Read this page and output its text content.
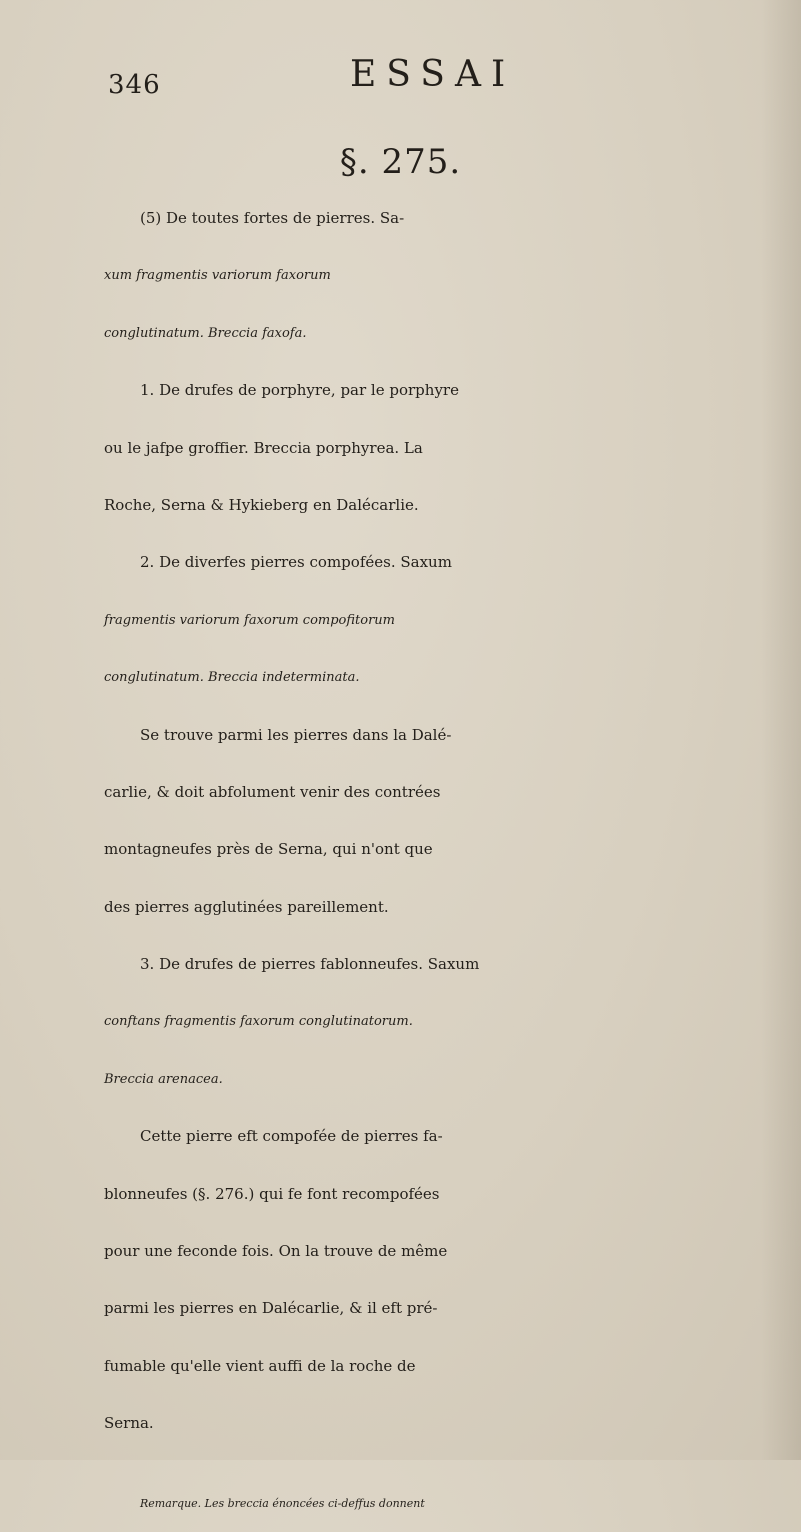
346	ESSAI
§. 275.
(5) De toutes fortes de pierres. Sa-
xum fragmentis variorum faxorum
conglutinatum. Breccia faxofa.
1. De drufes de porphyre, par le porphyre
ou le jafpe groffier. Breccia porphyrea. La
Roche, Serna & Hykieberg en Dalécarlie.
2. De diverfes pierres compofées. Saxum
fragmentis variorum faxorum compofitorum
conglutinatum. Breccia indeterminata.
Se trouve parmi les pierres dans la Dalé-
carlie, & doit abfolument venir des contrées
montagneufes près de Serna, qui n'ont que
des pierres agglutinées pareillement.
3. De drufes de pierres fablonneufes. Saxum
conftans fragmentis faxorum conglutinatorum.
Breccia arenacea.
Cette pierre eft compofée de pierres fa-
blonneufes (§. 276.) qui fe font recompofées
pour une feconde fois. On la trouve de même
parmi les pierres en Dalécarlie, & il eft pré-
fumable qu'elle vient auffi de la roche de
Serna.
Remarque. Les breccia énoncées ci-deffus donnent
